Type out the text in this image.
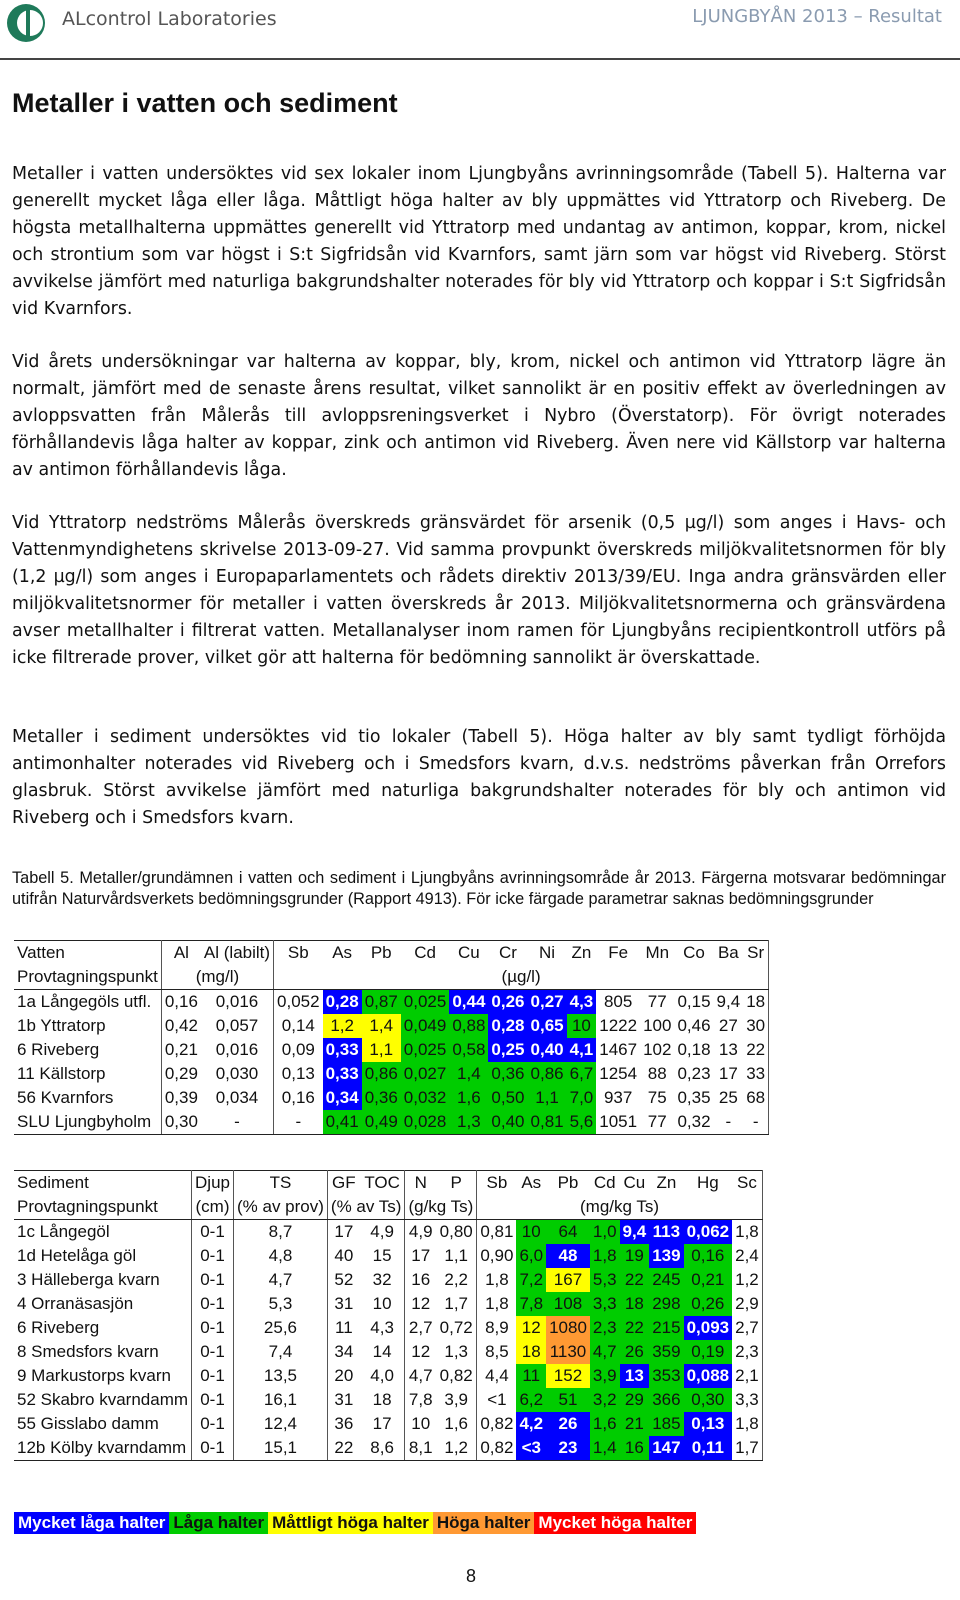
ALcontrol Laboratories	LJUNGBYÅN 2013 – Resultat
Metaller i vatten och sediment

Metaller i vatten undersöktes vid sex lokaler inom Ljungbyåns avrinningsområde (Tabell 5). Halterna var generellt mycket låga eller låga. Måttligt höga halter av bly uppmättes vid Yttratorp och Riveberg. De högsta metallhalterna uppmättes generellt vid Yttratorp med undantag av antimon, koppar, krom, nickel och strontium som var högst i S:t Sigfridsån vid Kvarnfors, samt järn som var högst vid Riveberg. Störst avvikelse jämfört med naturliga bakgrundshalter noterades för bly vid Yttratorp och koppar i S:t Sigfridsån vid Kvarnfors.

Vid årets undersökningar var halterna av koppar, bly, krom, nickel och antimon vid Yttratorp lägre än normalt, jämfört med de senaste årens resultat, vilket sannolikt är en positiv effekt av överledningen av avloppsvatten från Målerås till avloppsreningsverket i Nybro (Överstatorp). För övrigt noterades förhållandevis låga halter av koppar, zink och antimon vid Riveberg. Även nere vid Källstorp var halterna av antimon förhållandevis låga.

Vid Yttratorp nedströms Målerås överskreds gränsvärdet för arsenik (0,5 µg/l) som anges i Havs- och Vattenmyndighetens skrivelse 2013-09-27. Vid samma provpunkt överskreds miljökvalitetsnormen för bly (1,2 µg/l) som anges i Europaparlamentets och rådets direktiv 2013/39/EU. Inga andra gränsvärden eller miljökvalitetsnormer för metaller i vatten överskreds år 2013. Miljökvalitetsnormerna och gränsvärdena avser metallhalter i filtrerat vatten. Metallanalyser inom ramen för Ljungbyåns recipientkontroll utförs på icke filtrerade prover, vilket gör att halterna för bedömning sannolikt är överskattade.

Metaller i sediment undersöktes vid tio lokaler (Tabell 5). Höga halter av bly samt tydligt förhöjda antimonhalter noterades vid Riveberg och i Smedsfors kvarn, d.v.s. nedströms påverkan från Orrefors glasbruk. Störst avvikelse jämfört med naturliga bakgrundshalter noterades för bly och antimon vid Riveberg och i Smedsfors kvarn.

Tabell 5. Metaller/grundämnen i vatten och sediment i Ljungbyåns avrinningsområde år 2013. Färgerna motsvarar bedömningar utifrån Naturvårdsverkets bedömningsgrunder (Rapport 4913). För icke färgade parametrar saknas bedömningsgrunder

Vatten	Al	Al (labilt)	Sb	As	Pb	Cd	Cu	Cr	Ni	Zn	Fe	Mn	Co	Ba	Sr
Provtagningspunkt	(mg/l)		(µg/l)												
1a Långegöls utfl.	0,16	0,016	0,052	0,28	0,87	0,025	0,44	0,26	0,27	4,3	805	77	0,15	9,4	18
1b Yttratorp	0,42	0,057	0,14	1,2	1,4	0,049	0,88	0,28	0,65	10	1222	100	0,46	27	30
6 Riveberg	0,21	0,016	0,09	0,33	1,1	0,025	0,58	0,25	0,40	4,1	1467	102	0,18	13	22
11 Källstorp	0,29	0,030	0,13	0,33	0,86	0,027	1,4	0,36	0,86	6,7	1254	88	0,23	17	33
56 Kvarnfors	0,39	0,034	0,16	0,34	0,36	0,032	1,6	0,50	1,1	7,0	937	75	0,35	25	68
SLU Ljungbyholm	0,30	-	-	0,41	0,49	0,028	1,3	0,40	0,81	5,6	1051	77	0,32	-	-
Sediment	Djup	TS	GF	TOC	N	P	Sb	As	Pb	Cd	Cu	Zn	Hg	Sc
Provtagningspunkt	(cm)	(% av prov)	(% av Ts)		(g/kg Ts)		(mg/kg Ts)							
1c Långegöl	0-1	8,7	17	4,9	4,9	0,80	0,81	10	64	1,0	9,4	113	0,062	1,8
1d Hetelåga göl	0-1	4,8	40	15	17	1,1	0,90	6,0	48	1,8	19	139	0,16	2,4
3 Hälleberga kvarn	0-1	4,7	52	32	16	2,2	1,8	7,2	167	5,3	22	245	0,21	1,2
4 Orranäsasjön	0-1	5,3	31	10	12	1,7	1,8	7,8	108	3,3	18	298	0,26	2,9
6 Riveberg	0-1	25,6	11	4,3	2,7	0,72	8,9	12	1080	2,3	22	215	0,093	2,7
8 Smedsfors kvarn	0-1	7,4	34	14	12	1,3	8,5	18	1130	4,7	26	359	0,19	2,3
9 Markustorps kvarn	0-1	13,5	20	4,0	4,7	0,82	4,4	11	152	3,9	13	353	0,088	2,1
52 Skabro kvarndamm	0-1	16,1	31	18	7,8	3,9	<1	6,2	51	3,2	29	366	0,30	3,3
55 Gisslabo damm	0-1	12,4	36	17	10	1,6	0,82	4,2	26	1,6	21	185	0,13	1,8
12b Kölby kvarndamm	0-1	15,1	22	8,6	8,1	1,2	0,82	<3	23	1,4	16	147	0,11	1,7
Mycket låga halter Låga halter Måttligt höga halter Höga halter Mycket höga halter
8
